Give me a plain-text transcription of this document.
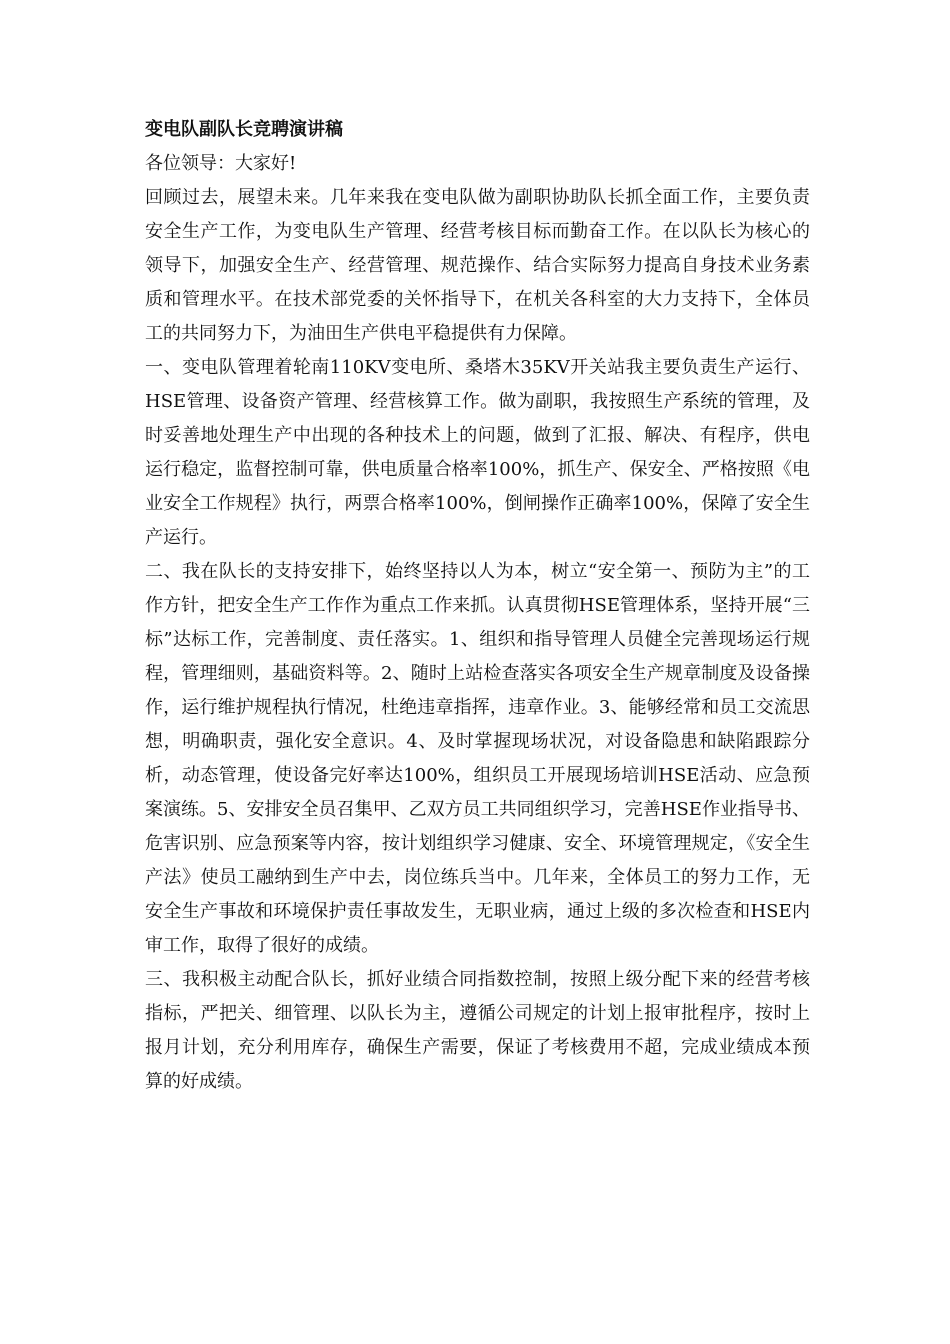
变电队副队长竞聘演讲稿

各位领导：大家好!

回顾过去，展望未来。几年来我在变电队做为副职协助队长抓全面工作，主要负责安全生产工作，为变电队生产管理、经营考核目标而勤奋工作。在以队长为核心的领导下，加强安全生产、经营管理、规范操作、结合实际努力提高自身技术业务素质和管理水平。在技术部党委的关怀指导下，在机关各科室的大力支持下，全体员工的共同努力下，为油田生产供电平稳提供有力保障。

一、变电队管理着轮南110KV变电所、桑塔木35KV开关站我主要负责生产运行、HSE管理、设备资产管理、经营核算工作。做为副职，我按照生产系统的管理，及时妥善地处理生产中出现的各种技术上的问题，做到了汇报、解决、有程序，供电运行稳定，监督控制可靠，供电质量合格率100%，抓生产、保安全、严格按照《电业安全工作规程》执行，两票合格率100%，倒闸操作正确率100%，保障了安全生产运行。

二、我在队长的支持安排下，始终坚持以人为本，树立“安全第一、预防为主”的工作方针，把安全生产工作作为重点工作来抓。认真贯彻HSE管理体系，坚持开展“三标”达标工作，完善制度、责任落实。1、组织和指导管理人员健全完善现场运行规程，管理细则，基础资料等。2、随时上站检查落实各项安全生产规章制度及设备操作，运行维护规程执行情况，杜绝违章指挥，违章作业。3、能够经常和员工交流思想，明确职责，强化安全意识。4、及时掌握现场状况，对设备隐患和缺陷跟踪分析，动态管理，使设备完好率达100%，组织员工开展现场培训HSE活动、应急预案演练。5、安排安全员召集甲、乙双方员工共同组织学习，完善HSE作业指导书、危害识别、应急预案等内容，按计划组织学习健康、安全、环境管理规定，《安全生产法》使员工融纳到生产中去，岗位练兵当中。几年来，全体员工的努力工作，无安全生产事故和环境保护责任事故发生，无职业病，通过上级的多次检查和HSE内审工作，取得了很好的成绩。

三、我积极主动配合队长，抓好业绩合同指数控制，按照上级分配下来的经营考核指标，严把关、细管理、以队长为主，遵循公司规定的计划上报审批程序，按时上报月计划，充分利用库存，确保生产需要，保证了考核费用不超，完成业绩成本预算的好成绩。
